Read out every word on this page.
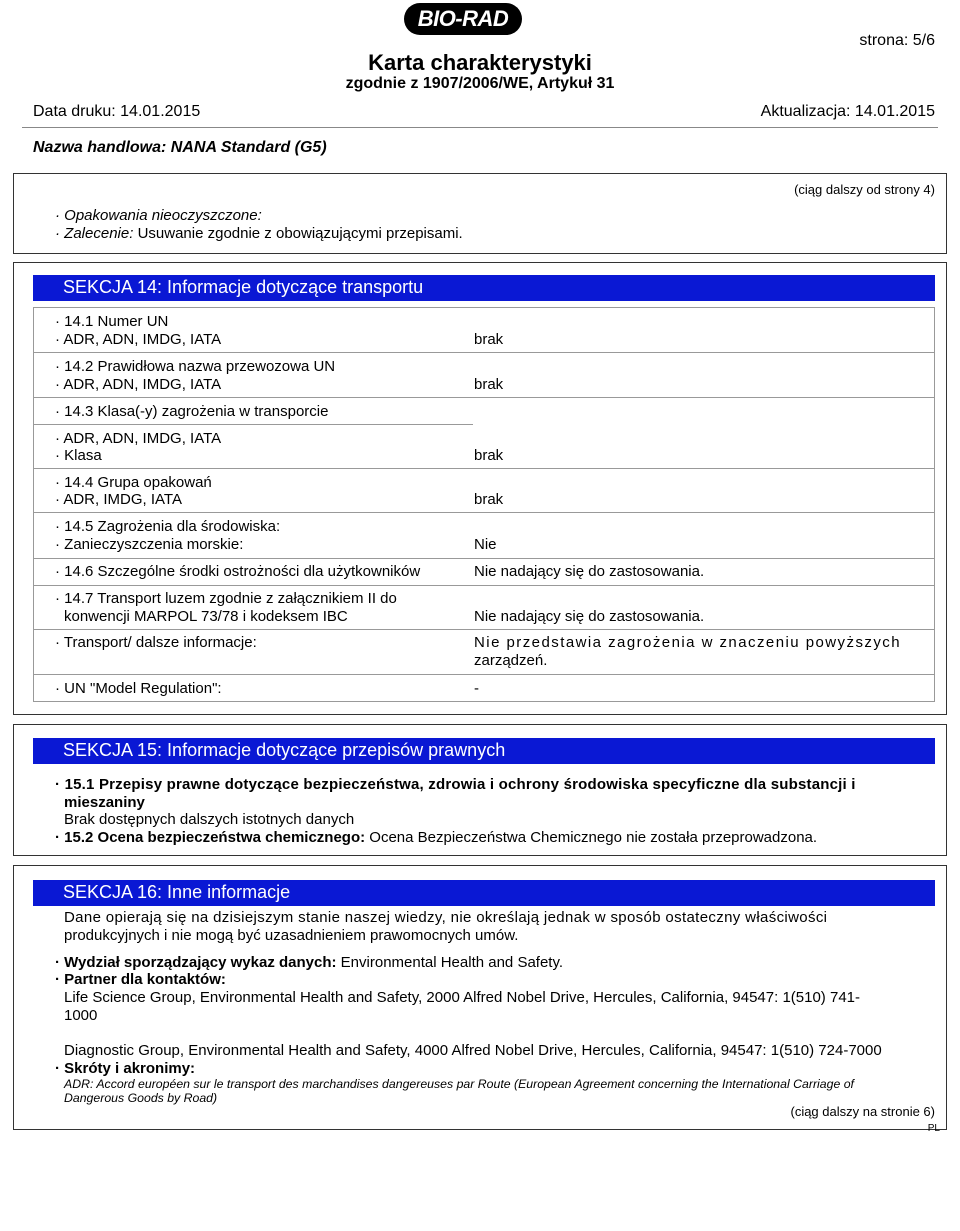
BIO-RAD
strona: 5/6
Karta charakterystyki
zgodnie z 1907/2006/WE, Artykuł 31
Data druku: 14.01.2015	Aktualizacja: 14.01.2015
Nazwa handlowa: NANA Standard (G5)
(ciąg dalszy od strony 4)
· Opakowania nieoczyszczone:
· Zalecenie: Usuwanie zgodnie z obowiązującymi przepisami.
SEKCJA 14: Informacje dotyczące transportu
· 14.1 Numer UN
· ADR, ADN, IMDG, IATA	brak
· 14.2 Prawidłowa nazwa przewozowa UN
· ADR, ADN, IMDG, IATA	brak
· 14.3 Klasa(-y) zagrożenia w transporcie
· ADR, ADN, IMDG, IATA
· Klasa	brak
· 14.4 Grupa opakowań
· ADR, IMDG, IATA	brak
· 14.5 Zagrożenia dla środowiska:
· Zanieczyszczenia morskie:	Nie
· 14.6 Szczególne środki ostrożności dla użytkowników	Nie nadający się do zastosowania.
· 14.7 Transport luzem zgodnie z załącznikiem II do
konwencji MARPOL 73/78 i kodeksem IBC	Nie nadający się do zastosowania.
· Transport/ dalsze informacje:	Nie przedstawia zagrożenia w znaczeniu powyższych
zarządzeń.
· UN "Model Regulation":	-
SEKCJA 15: Informacje dotyczące przepisów prawnych
· 15.1 Przepisy prawne dotyczące bezpieczeństwa, zdrowia i ochrony środowiska specyficzne dla substancji i
mieszaniny
Brak dostępnych dalszych istotnych danych
· 15.2 Ocena bezpieczeństwa chemicznego: Ocena Bezpieczeństwa Chemicznego nie została przeprowadzona.
SEKCJA 16: Inne informacje
Dane opierają się na dzisiejszym stanie naszej wiedzy, nie określają jednak w sposób ostateczny właściwości
produkcyjnych i nie mogą być uzasadnieniem prawomocnych umów.
· Wydział sporządzający wykaz danych: Environmental Health and Safety.
· Partner dla kontaktów:
Life Science Group, Environmental Health and Safety, 2000 Alfred Nobel Drive, Hercules, California, 94547: 1(510) 741-
1000
Diagnostic Group, Environmental Health and Safety, 4000 Alfred Nobel Drive, Hercules, California, 94547: 1(510) 724-7000
· Skróty i akronimy:
ADR: Accord européen sur le transport des marchandises dangereuses par Route (European Agreement concerning the International Carriage of
Dangerous Goods by Road)
(ciąg dalszy na stronie 6)
PL
